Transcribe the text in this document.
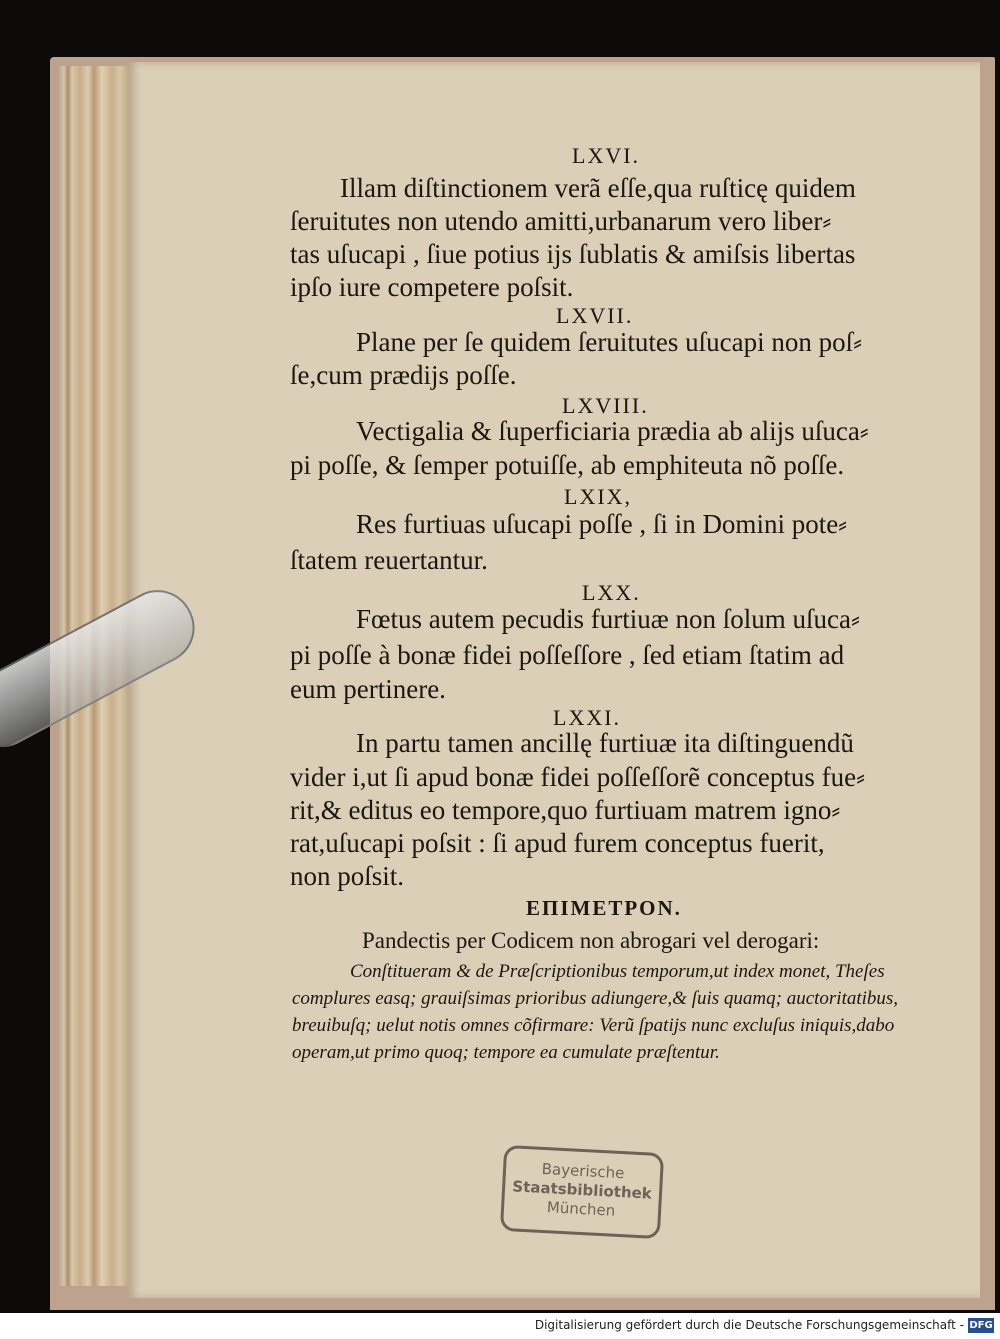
LXVI.
Illam diſtinctionem verã eſſe,qua ruſticę quidem
ſeruitutes non utendo amitti,urbanarum vero liber⸗
tas uſucapi , ſiue potius ijs ſublatis & amiſsis libertas
ipſo iure competere poſsit.
LXVII.
Plane per ſe quidem ſeruitutes uſucapi non poſ⸗
ſe,cum prædijs poſſe.
LXVIII.
Vectigalia & ſuperficiaria prædia ab alijs uſuca⸗
pi poſſe, & ſemper potuiſſe, ab emphiteuta nõ poſſe.
LXIX,
Res furtiuas uſucapi poſſe , ſi in Domini pote⸗
ſtatem reuertantur.
LXX.
Fœtus autem pecudis furtiuæ non ſolum uſuca⸗
pi poſſe à bonæ fidei poſſeſſore , ſed etiam ſtatim ad
eum pertinere.
LXXI.
In partu tamen ancillę furtiuæ ita diſtinguendũ
vider i,ut ſi apud bonæ fidei poſſeſſorẽ conceptus fue⸗
rit,& editus eo tempore,quo furtiuam matrem igno⸗
rat,uſucapi poſsit : ſi apud furem conceptus fuerit,
non poſsit.
ΕΠΙΜΕΤΡΟΝ.
Pandectis per Codicem non abrogari vel derogari:
Conſtitueram & de Præſcriptionibus temporum,ut index monet, Theſes
complures easq; grauiſsimas prioribus adiungere,& ſuis quamq; auctoritatibus,
breuibuſq; uelut notis omnes cõfirmare: Verũ ſpatijs nunc excluſus iniquis,dabo
operam,ut primo quoq; tempore ea cumulate præſtentur.
Bayerische
Staatsbibliothek
München
Digitalisierung gefördert durch die Deutsche Forschungsgemeinschaft - DFG
